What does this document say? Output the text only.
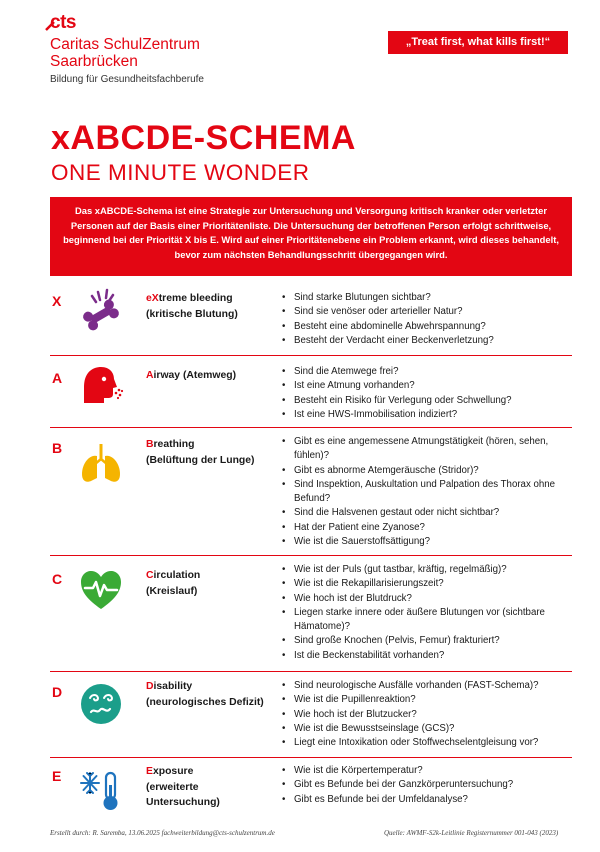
cts
Caritas SchulZentrum
Saarbrücken
Bildung für Gesundheitsfachberufe
„Treat first, what kills first!“
xABCDE-SCHEMA
ONE MINUTE WONDER
Das xABCDE-Schema ist eine Strategie zur Untersuchung und Versorgung kritisch kranker oder verletzter Personen auf der Basis einer Prioritätenliste. Die Untersuchung der betroffenen Person erfolgt schrittweise, beginnend bei der Priorität X bis E. Wird auf einer Prioritätenebene ein Problem erkannt, wird dieses behandelt, bevor zum nächsten Behandlungsschritt übergegangen wird.
X	eXtreme bleeding
(kritische Blutung)
• Sind starke Blutungen sichtbar?
• Sind sie venöser oder arterieller Natur?
• Besteht eine abdominelle Abwehrspannung?
• Besteht der Verdacht einer Beckenverletzung?
A	Airway (Atemweg)
•	Sind die Atemwege frei?
• Ist eine Atmung vorhanden?
• Besteht ein Risiko für Verlegung oder Schwellung?
• Ist eine HWS-Immobilisation indiziert?
B	Breathing
(Belüftung der Lunge)
• Gibt es eine angemessene Atmungstätigkeit (hören, sehen, fühlen)?
• Gibt es abnorme Atemgeräusche (Stridor)?
• Sind Inspektion, Auskultation und Palpation des Thorax ohne Befund?
• Sind die Halsvenen gestaut oder nicht sichtbar?
• Hat der Patient eine Zyanose?
• Wie ist die Sauerstoffsättigung?
C	Circulation
(Kreislauf)
• Wie ist der Puls (gut tastbar, kräftig, regelmäßig)?
• Wie ist die Rekapillarisierungszeit?
• Wie hoch ist der Blutdruck?
• Liegen starke innere oder äußere Blutungen vor (sichtbare Hämatome)?
• Sind große Knochen (Pelvis, Femur) frakturiert?
• Ist die Beckenstabilität vorhanden?
D	Disability
(neurologisches Defizit)
• Sind neurologische Ausfälle vorhanden (FAST-Schema)?
• Wie ist die Pupillenreaktion?
• Wie hoch ist der Blutzucker?
• Wie ist die Bewusstseinslage (GCS)?
• Liegt eine Intoxikation oder Stoffwechselentgleisung vor?
E	Exposure
(erweiterte Untersuchung)
• Wie ist die Körpertemperatur?
• Gibt es Befunde bei der Ganzkörperuntersuchung?
• Gibt es Befunde bei der Umfeldanalyse?
Erstellt durch: R. Saremba, 13.06.2025 fachweiterbildung@cts-schulzentrum.de	Quelle: AWMF-S2k-Leitlinie Registernummer 001-043 (2023)
